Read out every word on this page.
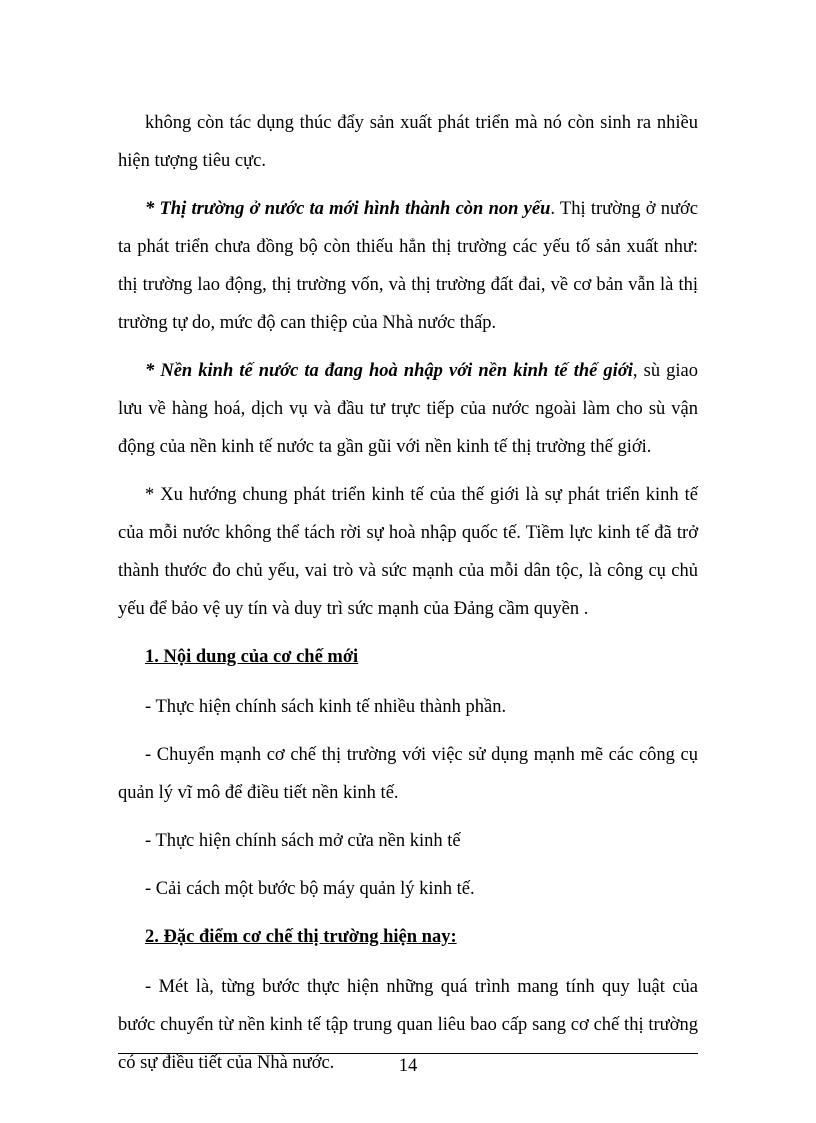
không còn tác dụng thúc đẩy sản xuất phát triển mà nó còn sinh ra nhiều hiện tượng tiêu cực.

* Thị trường ở nước ta mới hình thành còn non yếu. Thị trường ở nước ta phát triển chưa đồng bộ còn thiếu hẳn thị trường các yếu tố sản xuất như: thị trường lao động, thị trường vốn, và thị trường đất đai, về cơ bản vẫn là thị trường tự do, mức độ can thiệp của Nhà nước thấp.

* Nền kinh tế nước ta đang hoà nhập với nền kinh tế thế giới, sù giao lưu về hàng hoá, dịch vụ và đầu tư trực tiếp của nước ngoài làm cho sù vận động của nền kinh tế nước ta gần gũi với nền kinh tế thị trường thế giới.

* Xu hướng chung phát triển kinh tế của thế giới là sự phát triển kinh tế của mỗi nước không thể tách rời sự hoà nhập quốc tế. Tiềm lực kinh tế đã trở thành thước đo chủ yếu, vai trò và sức mạnh của mỗi dân tộc, là công cụ chủ yếu để bảo vệ uy tín và duy trì sức mạnh của Đảng cầm quyền .

1. Nội dung của cơ chế mới

- Thực hiện chính sách kinh tế nhiều thành phần.

- Chuyển mạnh cơ chế thị trường với việc sử dụng mạnh mẽ các công cụ quản lý vĩ mô để điều tiết nền kinh tế.

- Thực hiện chính sách mở cửa nền kinh tế

- Cải cách một bước bộ máy quản lý kinh tế.

2. Đặc điểm cơ chế thị trường hiện nay:

- Mét là, từng bước thực hiện những quá trình mang tính quy luật của bước chuyển từ nền kinh tế tập trung quan liêu bao cấp sang cơ chế thị trường có sự điều tiết của Nhà nước.	14
